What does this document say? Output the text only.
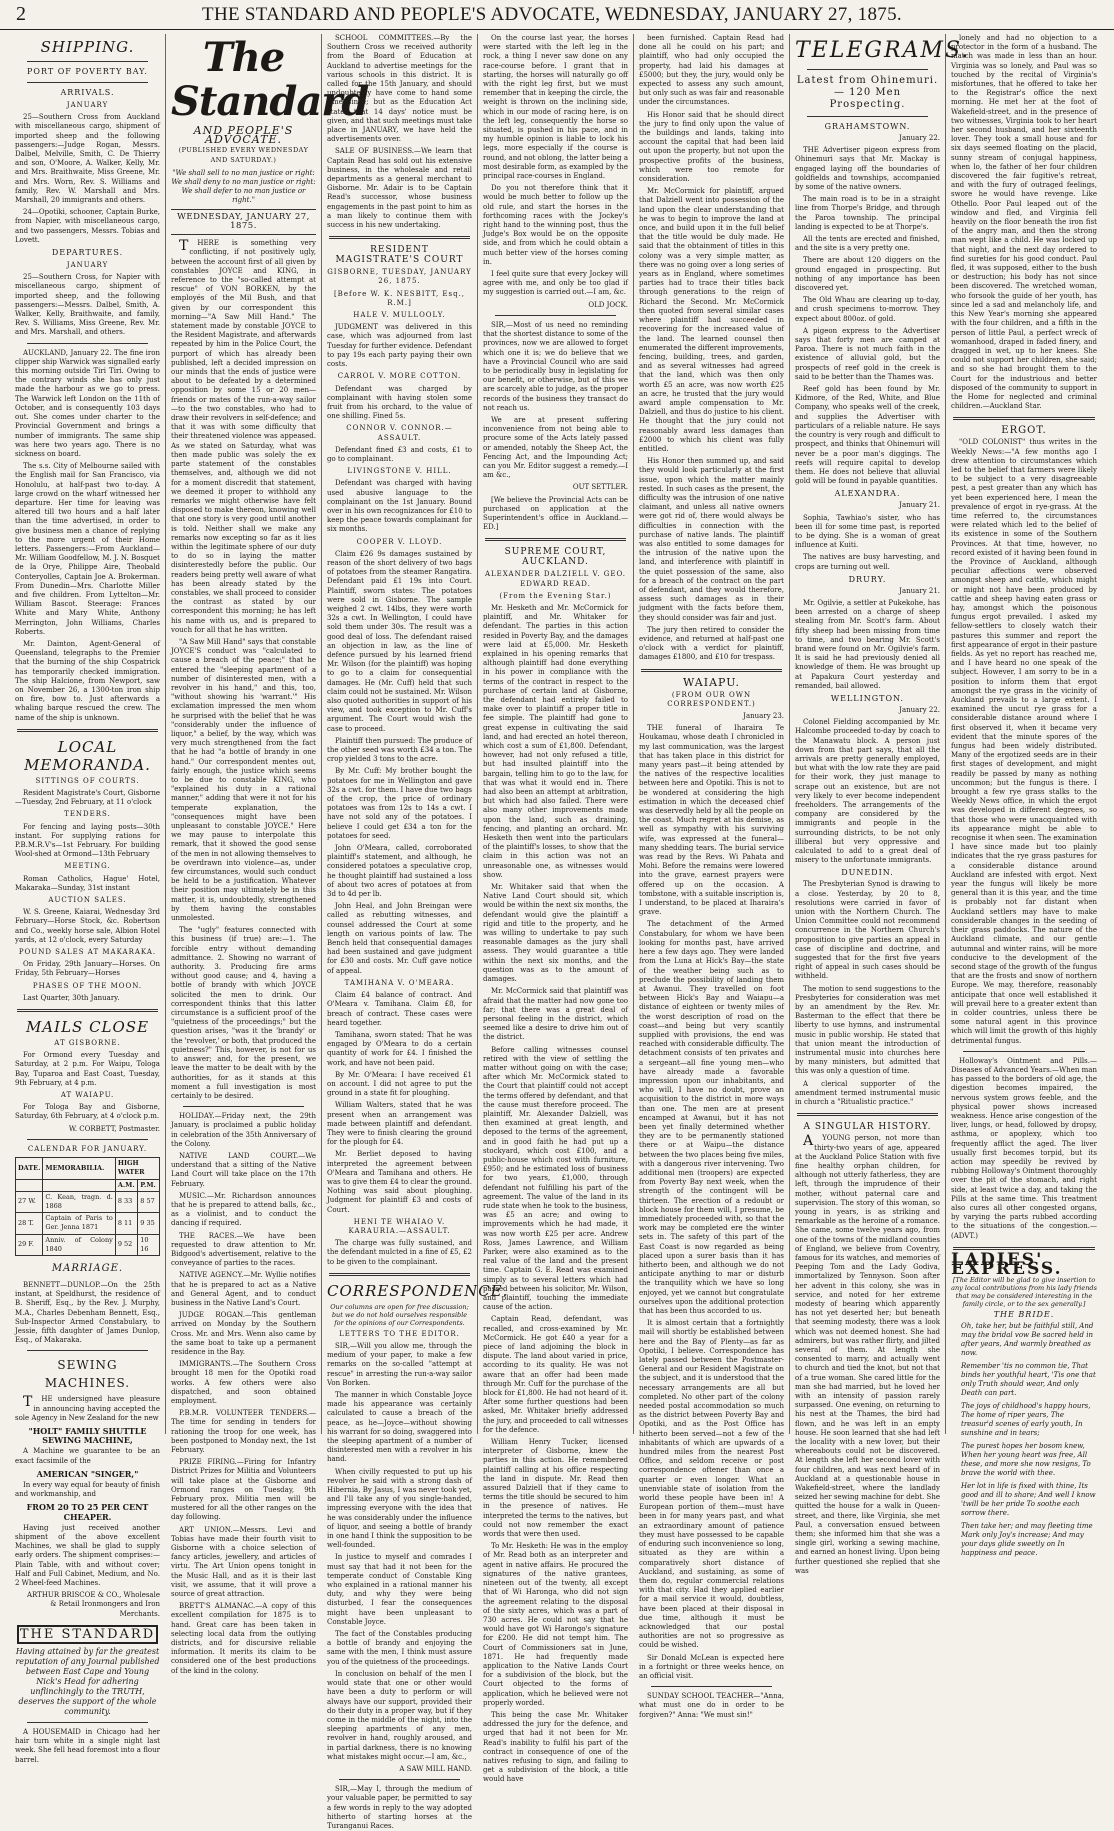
2	THE STANDARD AND PEOPLE'S ADVOCATE, WEDNESDAY, JANUARY 27, 1875.
SHIPPING.
PORT OF POVERTY BAY.
ARRIVALS.
JANUARY

25—Southern Cross from Auckland with miscellaneous cargo, shipment of imported sheep and the following passengers:—Judge Rogan, Messrs. Dalbel, Melville, Smith, C. De Thierry and son, O'Moore, A. Walker, Kelly, Mr. and Mrs. Braithwaite, Miss Greene, Mr. and Mrs. Worn, Rev. S. Williams and family, Rev. W. Marshall and Mrs. Marshall, 20 immigrants and others.

24—Opotiki, schooner, Captain Burke, from Napier, with miscellaneous cargo, and two passengers, Messrs. Tobias and Lovett.

DEPARTURES.
JANUARY

25—Southern Cross, for Napier with miscellaneous cargo, shipment of imported sheep, and the following passengers:—Messrs. Dalbel, Smith, A. Walker, Kelly, Braithwaite, and family, Rev. S. Williams, Miss Greene, Rev. Mr. and Mrs. Marshall, and others.

AUCKLAND, January 22. The fine iron clipper ship Warwick was signalled early this morning outside Tiri Tiri. Owing to the contrary winds she has only just made the harbour as we go to press. The Warwick left London on the 11th of October, and is consequently 103 days out. She comes under charter to the Provincial Government and brings a number of immigrants. The same ship was here two years ago. There is no sickness on board.

The s.s. City of Melbourne sailed with the English mail for San Francisco, via Honolulu, at half-past two to-day. A large crowd on the wharf witnessed her departure. Her time for leaving was altered till two hours and a half later than the time advertised, in order to give business men a chance of replying to the more urgent of their Home letters. Passengers:—From Auckland—Mr. William Goodfellow, M. J. N. Bosquet de la Orye, Philippe Aire, Theobald Conteryolles, Captain Joe A. Brokerman. From Dunedin—Mrs. Charlotte Miller and five children. From Lyttelton—Mr. William Bascot. Steerage: Frances White and Mary White, Anthony Merrington, John Williams, Charles Roberts.

Mr. Dainton, Agent-General of Queensland, telegraphs to the Premier that the burning of the ship Cospatrick has temporarily checked immigration. The ship Halcione, from Newport, saw on November 26, a 1300-ton iron ship on fire, bow to. Just afterwards a whaling barque rescued the crew. The name of the ship is unknown.

LOCAL MEMORANDA.
SITTINGS OF COURTS.

Resident Magistrate's Court, Gisborne—Tuesday, 2nd February, at 11 o'clock

TENDERS.

For fencing and laying posts—30th instant. For supplying rations for P.B.M.R.V's—1st February. For building Wool-shed at Ormond—13th February

MEETING.

Roman Catholics, Hague' Hotel, Makaraka—Sunday, 31st instant

AUCTION SALES.

W. S. Greene, Kaiarai, Wednesday 3rd February—Horse Stock, &c. Robertson and Co., weekly horse sale, Albion Hotel yards, at 12 o'clock, every Saturday

POUND SALES AT MAKARAKA.

On Friday, 29th January—Horses. On Friday, 5th February—Horses

PHASES OF THE MOON.

Last Quarter, 30th January.

MAILS CLOSE
AT GISBORNE.

For Ormond every Tuesday and Saturday, at 2 p.m. For Waipu, Tologa Bay, Tuparoa and East Coast, Tuesday, 9th February, at 4 p.m.

AT WAIAPU.

For Tologa Bay and Gisborne, Saturday, 6th February, at 4 o'clock p.m.

W. CORBETT, Postmaster.

CALENDAR FOR JANUARY.
DATE.	MEMORABILIA.	HIGH WATER	
		A.M.	P.M.
27 W.	C. Kean, tragn. d. 1868	8 33	8 57
28 T.	Captain of Paris to Ger. Jenna 1871	8 11	9 35
29 F.	Anniv. of Colony 1840	9 52	10 16
MARRIAGE.

BENNETT—DUNLOP.—On the 25th instant, at Speldhurst, the residence of B. Sheriff, Esq., by the Rev. J. Murphy, M.A., Charles Debenham Bennett, Esq., Sub-Inspector Armed Constabulary, to Jessie, fifth daughter of James Dunlop, Esq., of Makaraka.

SEWING MACHINES.

THE undersigned have pleasure in announcing having accepted the sole Agency in New Zealand for the new

"HOLT" FAMILY SHUTTLE SEWING MACHINE,

A Machine we guarantee to be an exact facsimile of the

AMERICAN "SINGER,"

In every way equal for beauty of finish and workmanship, and

FROM 20 TO 25 PER CENT CHEAPER.

Having just received another shipment of the above excellent Machines, we shall be glad to supply early orders. The shipment comprises:—Plain Table, with and without cover; Half and Full Cabinet, Medium, and No. 2 Wheel-feed Machines.

ARTHUR BRISCOE & CO., Wholesale & Retail Ironmongers and Iron Merchants.

THE STANDARD
Having attained by far the greatest reputation of any Journal published between East Cape and Young Nick's Head for adhering unflinchingly to the TRUTH, deserves the support of the whole community.

A HOUSEMAID in Chicago had her hair turn white in a single night last week. She fell head foremost into a flour barrel.

The Standard
AND PEOPLE'S ADVOCATE.
(PUBLISHED EVERY WEDNESDAY AND SATURDAY.)
"We shall sell to no man justice or right: We shall deny to no man justice or right: We shall defer to no man justice or right."
WEDNESDAY, JANUARY 27, 1875.

THERE is something very conflicting, if not positively ugly, between the account first of all given by constables JOYCE and KING, in reference to the "so-called attempt at rescue" of VON BORKEN, by the employés of the Mil Bush, and that given by our correspondent this morning—"A Saw Mill Hand." The statement made by constable JOYCE to the Resident Magistrate, and afterwards repeated by him in the Police Court, the purport of which has already been published, left a decided impression on our minds that the ends of justice were about to be defeated by a determined opposition by some 15 or 20 men—friends or mates of the run-a-way sailor—to the two constables, who had to draw their revolvers in self-defence; and that it was with some difficulty that their threatened violence was appeased. As we stated on Saturday, what was then made public was solely the ex parte statement of the constables themselves, and, although we did not for a moment discredit that statement, we deemed it proper to withhold any remarks we might otherwise have felt disposed to make thereon, knowing well that one story is very good until another is told. Neither shall we make any remarks now excepting so far as it lies within the legitimate sphere of our duty to do so in laying the matter disinterestedly before the public. Our readers being pretty well aware of what has been already stated by the constables, we shall proceed to consider the contrast as stated by our correspondent this morning; he has left his name with us, and is prepared to vouch for all that he has written.

"A Saw Mill Hand" says that constable JOYCE'S conduct was "calculated to cause a breach of the peace;" that he entered the "sleeping apartment of a number of disinterested men, with a revolver in his hand," and this, too, "without showing his 'warrant.'" His exclamation impressed the men whom he surprised with the belief that he was "considerably under the influence of liquor," a belief, by the way, which was very much strengthened from the fact that he had "a bottle of brandy in one hand." Our correspondent mentes out, fairly enough, the justice which seems to be due to constable KING, who "explained his duty in a rational manner," adding that were it not for his temperate explanation, the "consequences might have been unpleasant to constable JOYCE." Here we may pause to interpolate this remark, that it showed the good sense of the men in not allowing themselves to be overdrawn into violence—as, under few circumstances, would such conduct be held to be a justification. Whatever their position may ultimately be in this matter, it is, undoubtedly, strengthened by them having the constables unmolested.

The "ugly" features connected with this business (if true) are:—1. The forcible entry without demanding admittance. 2. Showing no warrant of authority. 3. Producing fire arms without good cause; and 4, having a bottle of brandy with which JOYCE solicited the men to drink. Our correspondent thinks that this latter circumstance is a sufficient proof of the "quietness of the proceedings;" but the question arises, "was it the 'brandy' or the 'revolver,' or both, that produced the quietness?" This, however, is not for us to answer; and, for the present, we leave the matter to be dealt with by the authorities, for as it stands at this moment a full investigation is most certainly to be desired.

HOLIDAY.—Friday next, the 29th January, is proclaimed a public holiday in celebration of the 35th Anniversary of the Colony.

NATIVE LAND COURT.—We understand that a sitting of the Native Land Court will take place on the 17th February.

MUSIC.—Mr. Richardson announces that he is prepared to attend balls, &c., as a violinist, and to conduct the dancing if required.

THE RACES.—We have been requested to draw attention to Mr. Bidgood's advertisement, relative to the conveyance of parties to the races.

NATIVE AGENCY.—Mr. Wyllie notifies that he is prepared to act as a Native and General Agent, and to conduct business in the Native Land's Court.

JUDGE ROGAN.—This gentleman arrived on Monday by the Southern Cross. Mr. and Mrs. Wenn also came by the same boat to take up a permanent residence in the Bay.

IMMIGRANTS.—The Southern Cross brought 18 men for the Opotiki road works. A few others were also dispatched, and soon obtained employment.

P.B.M.R. VOLUNTEER TENDERS.—The time for sending in tenders for rationing the troop for one week, has been postponed to Monday next, the 1st February.

PRIZE FIRING.—Firing for Infantry District Prizes for Militia and Volunteers will take place at the Gisborne and Ormond ranges on Tuesday, 9th February prox. Militia men will be mustered for all the other ranges on the day following.

ART UNION.—Messrs. Levi and Tobias have made their fourth visit to Gisborne with a choice selection of fancy articles, jewellery, and articles of virtu. The Art Union opens tonight in the Music Hall, and as it is their last visit, we assume, that it will prove a source of great attraction.

BRETT'S ALMANAC.—A copy of this excellent compilation for 1875 is to hand. Great care has been taken in selecting local data from the outlying districts, and for discursive reliable information. It merits its claim to be considered one of the best productions of the kind in the colony.

SCHOOL COMMITTEES.—By the Southern Cross we received authority from the Board of Education at Auckland to advertise meetings for the various schools in this district. It is called for the 15th January, and should undoubtedly have come to hand some time since; but as the Education Act states that 14 days' notice must be given, and that such meetings must take place in JANUARY, we have held the advertisements over.

SALE OF BUSINESS.—We learn that Captain Read has sold out his extensive business, in the wholesale and retail departments as a general merchant to Gisborne. Mr. Adair is to be Captain Read's successor, whose business engagements in the past point to him as a man likely to continue them with success in his new undertaking.

RESIDENT MAGISTRATE'S COURT
GISBORNE, TUESDAY, JANUARY 26, 1875.
[Before W. K. NESBITT, Esq., R.M.]
HALE V. MULLOOLY.

JUDGMENT was delivered in this case, which was adjourned from last Tuesday for further evidence. Defendant to pay 19s each party paying their own costs.

CARROL V. MORE COTTON.

Defendant was charged by complainant with having stolen some fruit from his orchard, to the value of one shilling. Fined 5s.

CONNOR V. CONNOR.—ASSAULT.

Defendant fined £3 and costs, £1 to go to complainant.

LIVINGSTONE V. HILL.

Defendant was charged with having used abusive language to the complainant on the 1st January. Bound over in his own recognizances for £10 to keep the peace towards complainant for six months.

COOPER V. LLOYD.

Claim £26 9s damages sustained by reason of the short delivery of two bags of potatoes from the steamer Rangatira. Defendant paid £1 19s into Court. Plaintiff, sworn states: The potatoes were sold in Gisborne. The sample weighed 2 cwt. 14lbs, they were worth 32s a cwt. In Wellington, I could have sold them under 30s. The result was a good deal of loss. The defendant raised an objection in law, as the line of defence pursued by his learned friend Mr. Wilson (for the plaintiff) was hoping to go to a claim for consequential damages. He (Mr. Cuff) held that such claim could not be sustained. Mr. Wilson also quoted authorities in support of his view, and took exception to Mr. Cuff's argument. The Court would wish the case to proceed.

Plaintiff then pursued: The produce of the other seed was worth £34 a ton. The crop yielded 3 tons to the acre.

By Mr. Cuff: My brother bought the potatoes for me in Wellington and gave 32s a cwt. for them. I have due two bags of the crop, the price of ordinary potatoes was from 12s to 14s a cwt. I have not sold any of the potatoes. I believe I could get £34 a ton for the potatoes for seed.

John O'Meara, called, corroborated plaintiff's statement, and although, he considered potatoes a speculative crop, he thought plaintiff had sustained a loss of about two acres of potatoes at from 3d to 4d per lb.

John Heal, and John Breingan were called as rebutting witnesses, and counsel addressed the Court at some length on various points of law. The Bench held that consequential damages had been sustained and gave judgment for £30 and costs. Mr. Cuff gave notice of appeal.

TAMIHANA V. O'MEARA.

Claim £4 balance of contract. And O'Meara v. Tamihana. Claim £8, for breach of contract. These cases were heard together.

Tamihana, sworn stated: That he was engaged by O'Meara to do a certain quantity of work for £4. I finished the work, and have not been paid.

By Mr. O'Meara: I have received £1 on account. I did not agree to put the ground in a state fit for ploughing.

William Walters, stated that he was present when an arrangement was made between plaintiff and defendant. They were to finish clearing the ground for the plough for £4.

Mr. Berliet deposed to having interpreted the agreement between O'Meara and Tamihana and others. He was to give them £4 to clear the ground. Nothing was said about ploughing. Judgment for plaintiff £3 and costs of Court.

HENI TE WHAIAO V. KARAURIA.—ASSAULT.

The charge was fully sustained, and the defendant mulcted in a fine of £5, £2 to be given to the complainant.

CORRESPONDENCE.
Our columns are open for free discussion; but we do not hold ourselves responsible for the opinions of our Correspondents.
LETTERS TO THE EDITOR.

SIR,—Will you allow me, through the medium of your paper, to make a few remarks on the so-called "attempt at rescue" in arresting the run-a-way sailor Von Borken.

The manner in which Constable Joyce made his appearance was certainly calculated to cause a breach of the peace, as he—Joyce—without showing his warrant for so doing, swaggered into the sleeping apartment of a number of disinterested men with a revolver in his hand.

When civilly requested to put up his revolver he said with a strong dash of Hibernia, By Jasus, I was never took yet, and I'll take any of you single-handed, impressing everyone with the idea that he was considerably under the influence of liquor, and seeing a bottle of brandy in one hand I think the supposition to be well-founded.

In justice to myself and comrades I must say that had it not been for the temperate conduct of Constable King who explained in a rational manner his duty, and why they were being disturbed, I fear the consequences might have been unpleasant to Constable Joyce.

The fact of the Constables producing a bottle of brandy and enjoying the same with the men, I think must assure you of the quietness of the proceedings.

In conclusion on behalf of the men I would state that one or other would have been a duty to perform or will always have our support, provided their do their duty in a proper way, but if they come in the middle of the night, into the sleeping apartments of any men, revolver in hand, roughly aroused, and in partial darkness, there is no knowing what mistakes might occur.—I am, &c.,

A SAW MILL HAND.

SIR,—May I, through the medium of your valuable paper, be permitted to say a few words in reply to the way adopted hitherto of starting horses at the Turanganui Races.

On the course last year, the horses were started with the left leg in the rock, a thing I never saw done on any race-course before. I grant that in starting, the horses will naturally go off with the right leg first, but we must remember that in keeping the circle, the weight is thrown on the inclining side, which in our mode of racing here, is on the left leg, consequently the horse so situated, is pushed in his pace, and in my humble opinion is liable to lock his legs, more especially if the course is round, and not oblong, the latter being a most desirable form, as exampled by the principal race-courses in England.

Do you not therefore think that it would be much better to follow up the old rule, and start the horses in the forthcoming races with the Jockey's right hand to the winning post, thus the Judge's Box would be on the opposite side, and from which he could obtain a much better view of the horses coming in.

I feel quite sure that every Jockey will agree with me, and only be too glad if my suggestion is carried out.—I am, &c.

OLD JOCK.

SIR,—Most of us need no reminding that the shortest distance to some of the provinces, now we are allowed to forget which one it is; we do believe that we have a Provincial Council who are said to be periodically busy in legislating for our benefit, or otherwise, but of this we are scarcely able to judge, as the proper records of the business they transact do not reach us.

We are at present suffering inconvenience from not being able to procure some of the Acts lately passed or amended, notably the Sheep Act, the Fencing Act, and the Impounding Act; can you Mr. Editor suggest a remedy.—I am &c.,

OUT SETTLER.

[We believe the Provincial Acts can be purchased on application at the Superintendent's office in Auckland.—ED.]

SUPREME COURT, AUCKLAND.
ALEXANDER DALZIELL V. GEO. EDWARD READ.
(From the Evening Star.)

Mr. Hesketh and Mr. McCormick for plaintiff, and Mr. Whitaker for defendant. The parties in this action resided in Poverty Bay, and the damages were laid at £5,000. Mr. Hesketh explained in his opening remarks that although plaintiff had done everything in his power in compliance with the terms of the contract in respect to the purchase of certain land at Gisborne, the defendant had entirely failed to make over to plaintiff a proper title in fee simple. The plaintiff had gone to great expense in cultivating the said land, and had erected an hotel thereon, which cost a sum of £1,800. Defendant, however, had not only refused a title, but had insulted plaintiff into the bargain, telling him to go to the law, for that was what it would end in. There had also been an attempt at arbitration, but which had also failed. There were also many other improvements made upon the land, such as draining, fencing, and planting an orchard. Mr. Hesketh then went into the particulars of the plaintiff's losses, to show that the claim in this action was not an unreasonable one, as witnesses would show.

Mr. Whitaker said that when the Native Land Court should sit, which would be within the next six months, the defendant would give the plaintiff a rigid and title to the property, and he was willing to undertake to pay such reasonable damages as the jury shall assess. They would guarantee a title within the next six months, and the question was as to the amount of damages.

Mr. McCormick said that plaintiff was afraid that the matter had now gone too far; that there was a great deal of personal feeling in the district, which seemed like a desire to drive him out of the district.

Before calling witnesses counsel retired with the view of settling the matter without going on with the case; after which Mr. McCormick stated to the Court that plaintiff could not accept the terms offered by defendant, and that the cause must therefore proceed. The plaintiff, Mr. Alexander Dalziell, was then examined at great length, and deposed to the terms of the agreement, and in good faith he had put up a stockyard, which cost £100, and a public-house which cost with furniture, £950; and he estimated loss of business for two years, £1,000, through defendant not fulfilling his part of the agreement. The value of the land in its rude state when he took to the business, was £5 an acre; and owing to improvements which he had made, it was now worth £25 per acre. Andrew Ross, James Lawrence, and William Parker, were also examined as to the real value of the land and the present time. Captain G. E. Read was examined simply as to several letters which had passed between his solicitor, Mr. Wilson, and plaintiff, touching the immediate cause of the action.

Captain Read, defendant, was recalled, and cross-examined by Mr. McCormick. He got £40 a year for a piece of land adjoining the block in dispute. The land about varied in price, according to its quality. He was not aware that an offer had been made through Mr. Cuff for the purchase of the block for £1,800. He had not heard of it. After some further questions had been asked, Mr. Whitaker briefly addressed the jury, and proceeded to call witnesses for the defence.

William Henry Tucker, licensed interpreter of Gisborne, knew the parties in this action. He remembered plaintiff calling at his office respecting the land in dispute. Mr. Read then assured Dalziell that if they came to terms the title should be secured to him in the presence of natives. He interpreted the terms to the natives, but could not now remember the exact words that were then used.

To Mr. Hesketh: He was in the employ of Mr. Read both as an interpreter and agent in native affairs. He procured the signatures of the native grantees, nineteen out of the twenty, all except that of Wi Haronga, who did not sign the agreement relating to the disposal of the sixty acres, which was a part of 730 acres. He could not say that he would have got Wi Harongo's signature for £200. He did not tempt him. The Court of Commissioners sat in June, 1871. He had frequently made application to the Native Lands Court for a subdivision of the block, but the Court objected to the forms of application, which he believed were not properly worded.

This being the case Mr. Whitaker addressed the jury for the defence, and urged that had it not been for Mr. Read's inability to fulfil his part of the contract in consequence of one of the natives refusing to sign, and failing to get a subdivision of the block, a title would have

been furnished. Captain Read had done all he could on his part; and plaintiff, who had only occupied the property, had laid his damages at £5000; but they, the jury, would only be expected to assess any such amount, but only such as was fair and reasonable under the circumstances.

His Honor said that he should direct the jury to find only upon the value of the buildings and lands, taking into account the capital that had been laid out upon the property, but not upon the prospective profits of the business, which were too remote for consideration.

Mr. McCormick for plaintiff, argued that Dalziell went into possession of the land upon the clear understanding that he was to begin to improve the land at once, and build upon it in the full belief that the title would be duly made. He said that the obtainment of titles in this colony was a very simple matter, as there was no going over a long series of years as in England, where sometimes parties had to trace their titles back through generations to the reign of Richard the Second. Mr. McCormick then quoted from several similar cases where plaintiff had succeeded in recovering for the increased value of the land. The learned counsel then enumerated the different improvements, fencing, building, trees, and garden, and as several witnesses had agreed that the land, which was then only worth £5 an acre, was now worth £25 an acre, he trusted that the jury would award ample compensation to Mr. Dalziell, and thus do justice to his client. He thought that the jury could not reasonably award less damages than £2000 to which his client was fully entitled.

His Honor then summed up, and said they would look particularly at the first issue, upon which the matter mainly rested. In such cases as the present, the difficulty was the intrusion of one native claimant, and unless all native owners were got rid of, there would always be difficulties in connection with the purchase of native lands. The plaintiff was also entitled to some damages for the intrusion of the native upon the land, and interference with plaintiff in the quiet possession of the same, also for a breach of the contract on the part of defendant, and they would therefore, assess such damages as in their judgment with the facts before them, they should consider was fair and just.

The jury then retired to consider the evidence, and returned at half-past one o'clock with a verdict for plaintiff, damages £1800, and £10 for trespass.

WAIAPU.
(FROM OUR OWN CORRESPONDENT.)

January 23.

THE funeral of Iharaira Te Houkamau, whose death I chronicled in my last communication, was the largest that has taken place in this district for many years past—it being attended by the natives of the respective localities between here and Opotiki. This is not to be wondered at considering the high estimation in which the deceased chief was deservedly held by all the people on the coast. Much regret at his demise, as well as sympathy with his surviving wife, was expressed at the funeral—many shedding tears. The burial service was read by the Revs. Wi Pahata and Mohi. Before the remains were lowered into the grave, earnest prayers were offered up on the occasion. A tombstone, with a suitable inscription is, I understand, to be placed at Iharaira's grave.

The detachment of the Armed Constabulary, for whom we have been looking for months past, have arrived here a few days ago. They were landed from the Luna at Hick's Bay—the state of the weather being such as to preclude the possibility of landing them at Awanui. They travelled on foot between Hick's Bay and Waiapu—a distance of eighteen or twenty miles of the worst description of road on the coast—and being but very scantily supplied with provisions, the end was reached with considerable difficulty. The detachment consists of ten privates and a sergeant—all fine young men—who have already made a favorable impression upon our inhabitants, and who will, I have no doubt, prove an acquisition to the district in more ways than one. The men are at present encamped at Awanui, but it has not been yet finally determined whether they are to be permanently stationed there or at Waipu—the distance between the two places being five miles, with a dangerous river intervening. Two additional men (troopers) are expected from Poverty Bay next week, when the strength of the contingent will be thirteen. The erection of a redoubt or block house for them will, I presume, be immediately proceeded with, so that the work may be completed ere the winter sets in. The safety of this part of the East Coast is now regarded as being placed upon a surer basis than it has hitherto been, and although we do not anticipate anything to mar or disturb the tranquility which we have so long enjoyed, yet we cannot but congratulate ourselves upon the additional protection that has been thus accorded to us.

It is almost certain that a fortnightly mail will shortly be established between here and the Bay of Plenty—as far as Opotiki, I believe. Correspondence has lately passed between the Postmaster-General and our Resident Magistrate on the subject, and it is understood that the necessary arrangements are all but completed. No other part of the colony needed postal accommodation so much as the district between Poverty Bay and Opotiki, and as the Post Office has hitherto been served—not a few of the inhabitants of which are upwards of a hundred miles from the nearest Post Office, and seldom receive or post correspondence oftener than once a quarter or even longer. What an unenviable state of isolation from the world these people have been in! A European portion of them—must have been in for many years past, and what an extraordinary amount of patience they must have possessed to be capable of enduring such inconvenience so long, situated as they are within a comparatively short distance of Auckland, and sustaining, as some of them do, regular commercial relations with that city. Had they applied earlier for a mail service it would, doubtless, have been placed at their disposal in due time, although it must be acknowledged that our postal authorities are not so progressive as could be wished.

Sir Donald McLean is expected here in a fortnight or three weeks hence, on an official visit.

SUNDAY SCHOOL TEACHER—"Anna, what must one do in order to be forgiven?" Anna: "We must sin!"

TELEGRAMS.
Latest from Ohinemuri. — 120 Men Prospecting.
GRAHAMSTOWN.

January 22.

THE Advertiser pigeon express from Ohinemuri says that Mr. Mackay is engaged laying off the boundaries of goldfields and townships, accompanied by some of the native owners.

The main road is to be in a straight line from Thorpe's Bridge, and through the Paroa township. The principal landing is expected to be at Thorpe's.

All the tents are erected and finished, and the site is a very pretty one.

There are about 120 diggers on the ground engaged in prospecting. But nothing of any importance has been discovered yet.

The Old Whau are clearing up to-day, and crush specimens to-morrow. They expect about 800oz. of gold.

A pigeon express to the Advertiser says that forty men are camped at Paroa. There is not much faith in the existence of alluvial gold, but the prospects of reef gold in the creek is said to be better than the Thames was.

Reef gold has been found by Mr. Kidmore, of the Red, White, and Blue Company, who speaks well of the creek, and supplies the Advertiser with particulars of a reliable nature. He says the country is very rough and difficult to prospect, and thinks that Ohinemuri will never be a poor man's diggings. The reefs will require capital to develop them. He does not believe that alluvial gold will be found in payable quantities.

ALEXANDRA.

January 21.

Sophia, Tawhiao's sister, who has been ill for some time past, is reported to be dying. She is a woman of great influence at Kuiti.

The natives are busy harvesting, and crops are turning out well.

DRURY.

January 21.

Mr. Ogilvie, a settler at Pukekohe, has been arrested on a charge of sheep stealing from Mr. Scott's farm. About fifty sheep had been missing from time to time, and two bearing Mr. Scott's brand were found on Mr. Ogilvie's farm. It is said he had previously denied all knowledge of them. He was brought up at Papakura Court yesterday and remanded, bail allowed.

WELLINGTON.

January 22.

Colonel Fielding accompanied by Mr. Halcombe proceeded to-day by coach to the Manawatu block. A person just down from that part says, that all the arrivals are pretty generally employed, but what with the low rate they are paid for their work, they just manage to scrape out an existence, but are not very likely to ever become independent freeholders. The arrangements of the company are considered by the immigrants and people in the surrounding districts, to be not only illiberal but very oppressive and calculated to add to a great deal of misery to the unfortunate immigrants.

DUNEDIN.

The Presbyterian Synod is drawing to a close. Yesterday, by 20 to 8, resolutions were carried in favor of union with the Northern Church. The Union Committee could not recommend concurrence in the Northern Church's proposition to give parties an appeal in case of discipline and doctrine, and suggested that for the first five years right of appeal in such cases should be withheld.

The motion to send suggestions to the Presbyteries for consideration was met by an amendment by the Rev. Mr. Basterman to the effect that there be liberty to use hymns, and instrumental music in public worship. He stated that that union meant the introduction of instrumental music into churches here by many ministers, but admitted that this was only a question of time.

A clerical supporter of the amendment termed instrumental music in church a "Ritualistic practice."

A SINGULAR HISTORY.

AYOUNG person, not more than thirty-two years of age, appeared at the Auckland Police Station with five fine healthy orphan children, for although not utterly fatherless, they are left, through the imprudence of their mother, without paternal care and supervision. The story of this woman, so young in years, is as striking and remarkable as the heroine of a romance. She came, some twelve years ago, from one of the towns of the midland counties of England, we believe from Coventry, famous for its watches, and memories of Peeping Tom and the Lady Godiva, immortalized by Tennyson. Soon after her advent in this colony, she was in service, and noted for her extreme modesty of bearing which apparently has not yet deserted her; but beneath that seeming modesty, there was a look which was not deemed honest. She had admirers, but was rather flirty, and jilted several of them. At length she consented to marry, and actually went to church and tied the knot, but not that of a true woman. She cared little for the man she had married, but he loved her with an intensity of passion rarely surpassed. One evening, on returning to his nest at the Thames, the bird had flown, and he was left in an empty house. He soon learned that she had left the locality with a new lover, but their whereabouts could not be discovered. At length she left her second lover with four children, and was next heard of in Auckland at a questionable house in Wakefield-street, where the landlady seized her sewing machine for debt. She quitted the house for a walk in Queen-street, and there, like Virginia, she met Paul, a conversation ensued between them; she informed him that she was a single girl, working a sewing machine, and earned an honest living. Upon being further questioned she replied that she was

lonely and had no objection to a protector in the form of a husband. The match was made in less than an hour. Virginia was so lonely, and Paul was so touched by the recital of Virginia's misfortunes, that he offered to take her to the Registrar's office the next morning. He met her at the foot of Wakefield-street, and in the presence of two witnesses, Virginia took to her heart her second husband, and her sixteenth lover. They took a small house and for six days seemed floating on the placid, sunny stream of conjugal happiness, when lo, the father of her four children discovered the fair fugitive's retreat, and with the fury of outraged feelings, swore he would have revenge. Like Othello. Poor Paul leaped out of the window and fled, and Virginia fell heavily on the floor beneath the iron fist of the angry man, and then the strong man wept like a child. He was locked up that night, and the next day ordered to find sureties for his good conduct. Paul fled, it was supposed, either to the bush or destruction; his body has not since been discovered. The wretched woman, who forsook the guide of her youth, has since led a sad and melancholy life, and this New Year's morning she appeared with the four children, and a fifth in the person of little Paul, a perfect wreck of womanhood, draped in faded finery, and dragged in wet, up to her knees. She could not support her children, she said; and so she had brought them to the Court for the industrious and better disposed of the community to support in the Home for neglected and criminal children.—Auckland Star.

ERGOT.

"OLD COLONIST" thus writes in the Weekly News:—"A few months ago I drew attention to circumstances which led to the belief that farmers were likely to be subject to a very disagreeable pest, a pest greater than any which has yet been experienced here, I mean the prevalence of ergot in rye-grass. At the time referred to, the circumstances were related which led to the belief of its existence in some of the Southern Provinces. At that time, however, no record existed of it having been found in the Province of Auckland, although peculiar affections were observed amongst sheep and cattle, which might or might not have been produced by cattle and sheep having eaten grass or hay, amongst which the poisonous fungus ergot prevailed. I asked my fellow-settlers to closely watch their pastures this summer and report the first appearance of ergot in their pasture fields. As yet no report has reached me, and I have heard no one speak of the subject. However, I am sorry to be in a position to inform them that ergot amongst the rye grass in the vicinity of Auckland prevails to a large extent. I examined the uncut rye grass for a considerable distance around where I first observed it, when it became very evident that the minute spores of the fungus had been widely distributed. Many of the ergotized seeds are in their first stages of development, and might readily be passed by many as nothing uncommon; but the fungus is there. I brought a few rye grass stalks to the Weekly News office, in which the ergot was developed in different degrees, so that those who were unacquainted with its appearance might be able to recognise it when seen. The examination I have since made but too plainly indicates that the rye grass pastures for a considerable distance around Auckland are infested with ergot. Next year the fungus will likely be more general than it is this year, and the time is probably not far distant when Auckland settlers may have to make considerable changes in the seeding of their grass paddocks. The nature of the Auckland climate, and our gentle autumnal and winter rains, will be more conducive to the development of the second stage of the growth of the fungus that are the frosts and snow of northern Europe. We may, therefore, reasonably anticipate that once well established it will prevail here to a greater extent than in colder countries, unless there be some natural agent in this province which will limit the growth of this highly detrimental fungus.

Holloway's Ointment and Pills.—Diseases of Advanced Years.—When man has passed to the borders of old age, the digestion becomes impaired, the nervous system grows feeble, and the physical power shows increased weakness. Hence arise congestion of the liver, lungs, or head, followed by dropsy, asthma, or apoplexy, which too frequently afflict the aged. The liver usually first becomes torpid, but its action may speedily be revived by rubbing Holloway's Ointment thoroughly over the pit of the stomach, and right side, at least twice a day, and taking the Pills at the same time. This treatment also cures all other congested organs, by varying the parts rubbed according to the situations of the congestion.—(ADVT.)

LADIES' EXPRESS.
[The Editor will be glad to give insertion to any local contributions from his lady friends that may be considered interesting in the family circle, or to the sex generally.]
THE BRIDE.

Oh, take her, but be faithful still, And may the bridal vow Be sacred held in after years, And warmly breathed as now.

Remember 'tis no common tie, That binds her youthful heart, 'Tis one that only Truth should wear, And only Death can part.

The joys of childhood's happy hours, The home of riper years, The treasur'd scenes of early youth, In sunshine and in tears;

The purest hopes her bosom knew, When her young heart was free, All these, and more she now resigns, To brave the world with thee.

Her lot in life is fixed with thine, Its good and ill to share; And well I know 'twill be her pride To soothe each sorrow there.

Then take her; and may fleeting time Mark only Joy's increase; And may your days glide sweetly on In happiness and peace.
